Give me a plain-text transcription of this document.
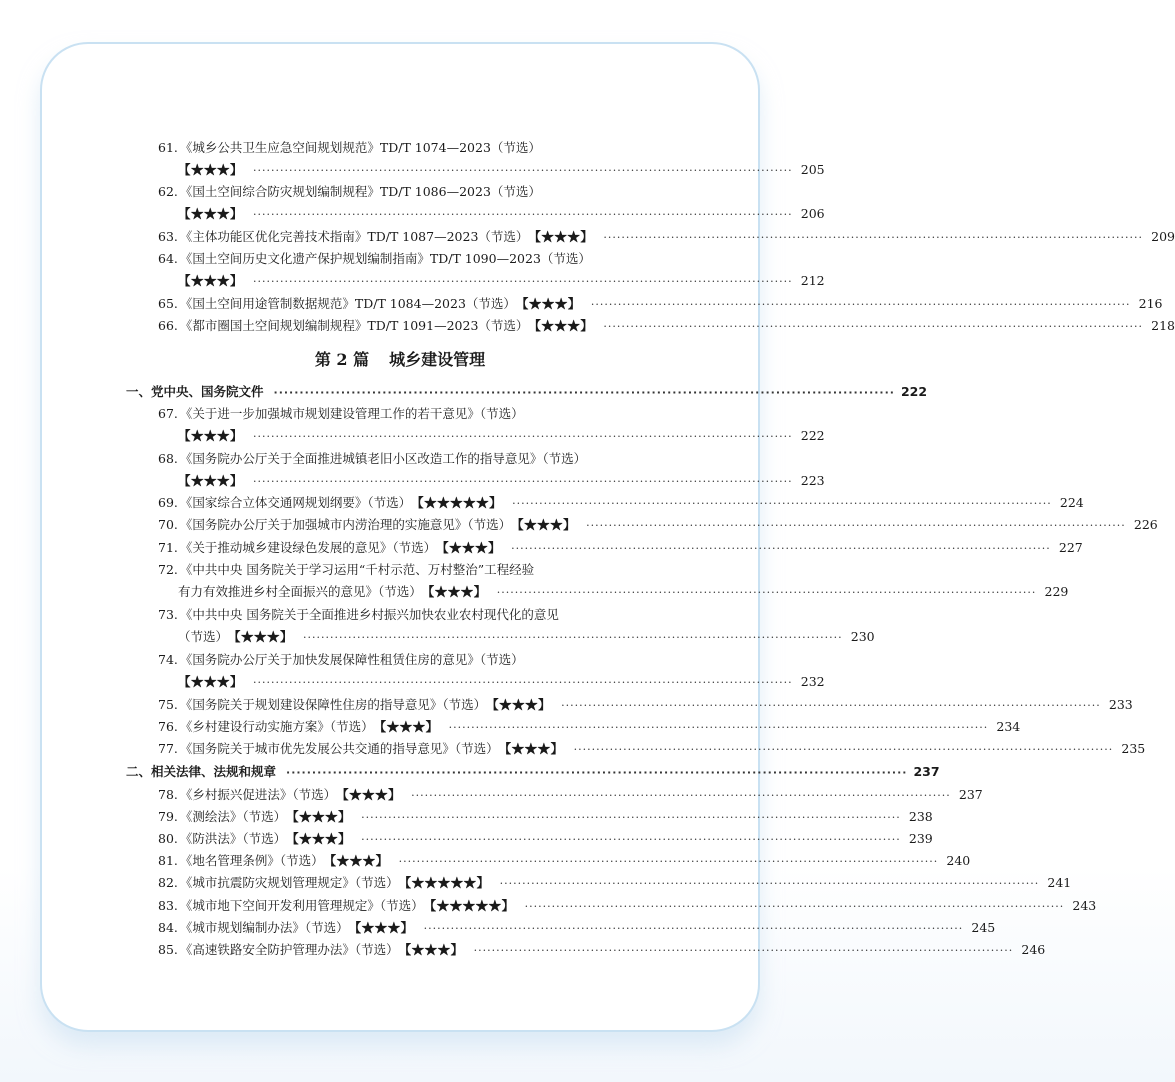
第 2 篇 城乡建设管理
61. 《城乡公共卫生应急空间规划规范》TD/T 1074—2023（节选）
【★★★】 ························································································································ 205
62. 《国土空间综合防灾规划编制规程》TD/T 1086—2023（节选）
【★★★】 ························································································································ 206
63. 《主体功能区优化完善技术指南》TD/T 1087—2023（节选） 【★★★】 ························································································································ 209
64. 《国土空间历史文化遗产保护规划编制指南》TD/T 1090—2023（节选）
【★★★】 ························································································································ 212
65. 《国土空间用途管制数据规范》TD/T 1084—2023（节选） 【★★★】 ························································································································ 216
66. 《都市圈国土空间规划编制规程》TD/T 1091—2023（节选） 【★★★】 ························································································································ 218
一、党中央、国务院文件 ························································································································ 222
67. 《关于进一步加强城市规划建设管理工作的若干意见》（节选）
【★★★】 ························································································································ 222
68. 《国务院办公厅关于全面推进城镇老旧小区改造工作的指导意见》（节选）
【★★★】 ························································································································ 223
69. 《国家综合立体交通网规划纲要》（节选） 【★★★★★】 ························································································································ 224
70. 《国务院办公厅关于加强城市内涝治理的实施意见》（节选） 【★★★】 ························································································································ 226
71. 《关于推动城乡建设绿色发展的意见》（节选） 【★★★】 ························································································································ 227
72. 《中共中央 国务院关于学习运用“千村示范、万村整治”工程经验
有力有效推进乡村全面振兴的意见》（节选） 【★★★】 ························································································································ 229
73. 《中共中央 国务院关于全面推进乡村振兴加快农业农村现代化的意见
（节选） 【★★★】 ························································································································ 230
74. 《国务院办公厅关于加快发展保障性租赁住房的意见》（节选）
【★★★】 ························································································································ 232
75. 《国务院关于规划建设保障性住房的指导意见》（节选） 【★★★】 ························································································································ 233
76. 《乡村建设行动实施方案》（节选） 【★★★】 ························································································································ 234
77. 《国务院关于城市优先发展公共交通的指导意见》（节选） 【★★★】 ························································································································ 235
二、相关法律、法规和规章 ························································································································ 237
78. 《乡村振兴促进法》（节选） 【★★★】 ························································································································ 237
79. 《测绘法》（节选） 【★★★】 ························································································································ 238
80. 《防洪法》（节选） 【★★★】 ························································································································ 239
81. 《地名管理条例》（节选） 【★★★】 ························································································································ 240
82. 《城市抗震防灾规划管理规定》（节选） 【★★★★★】 ························································································································ 241
83. 《城市地下空间开发利用管理规定》（节选） 【★★★★★】 ························································································································ 243
84. 《城市规划编制办法》（节选） 【★★★】 ························································································································ 245
85. 《高速铁路安全防护管理办法》（节选） 【★★★】 ························································································································ 246
